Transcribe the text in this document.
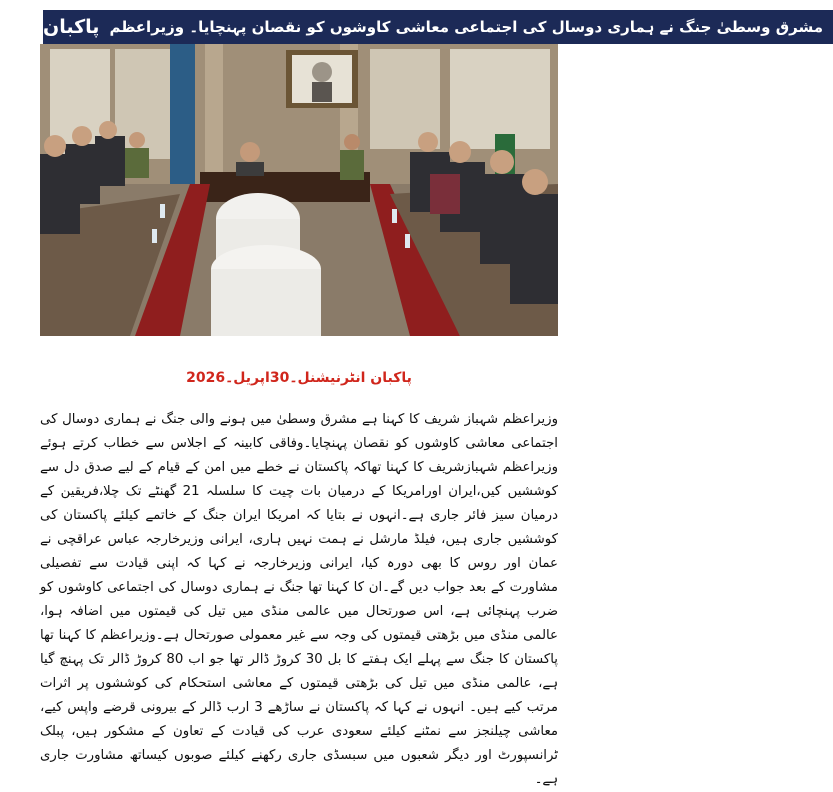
پاکبان مشرق وسطیٰ جنگ نے ہماری دوسال کی اجتماعی معاشی کاوشوں کو نقصان پہنچایا۔ وزیراعظم
پاکبان انٹرنیشنل۔30اپریل۔2026
وزیراعظم شہباز شریف کا کہنا ہے مشرق وسطیٰ میں ہونے والی جنگ نے ہماری دوسال کی اجتماعی معاشی کاوشوں کو نقصان پہنچایا۔وفاقی کابینہ کے اجلاس سے خطاب کرتے ہوئے وزیراعظم شہبازشریف کا کہنا تھاکہ پاکستان نے خطے میں امن کے قیام کے لیے صدق دل سے کوششیں کیں،ایران اورامریکا کے درمیان بات چیت کا سلسلہ 21 گھنٹے تک چلا،فریقین کے درمیان سیز فائر جاری ہے۔انہوں نے بتایا کہ امریکا ایران جنگ کے خاتمے کیلئے پاکستان کی کوششیں جاری ہیں، فیلڈ مارشل نے ہمت نہیں ہاری، ایرانی وزیرخارجہ عباس عراقچی نے عمان اور روس کا بھی دورہ کیا، ایرانی وزیرخارجہ نے کہا کہ اپنی قیادت سے تفصیلی مشاورت کے بعد جواب دیں گے۔ان کا کہنا تھا جنگ نے ہماری دوسال کی اجتماعی کاوشوں کو ضرب پہنچائی ہے، اس صورتحال میں عالمی منڈی میں تیل کی قیمتوں میں اضافہ ہوا، عالمی منڈی میں بڑھتی قیمتوں کی وجہ سے غیر معمولی صورتحال ہے۔وزیراعظم کا کہنا تھا پاکستان کا جنگ سے پہلے ایک ہفتے کا بل 30 کروڑ ڈالر تھا جو اب 80 کروڑ ڈالر تک پہنچ گیا ہے، عالمی منڈی میں تیل کی بڑھتی قیمتوں کے معاشی استحکام کی کوششوں پر اثرات مرتب کیے ہیں۔ انہوں نے کہا کہ پاکستان نے ساڑھے 3 ارب ڈالر کے بیرونی قرضے واپس کیے، معاشی چیلنجز سے نمٹنے کیلئے سعودی عرب کی قیادت کے تعاون کے مشکور ہیں، پبلک ٹرانسپورٹ اور دیگر شعبوں میں سبسڈی جاری رکھنے کیلئے صوبوں کیساتھ مشاورت جاری ہے۔
